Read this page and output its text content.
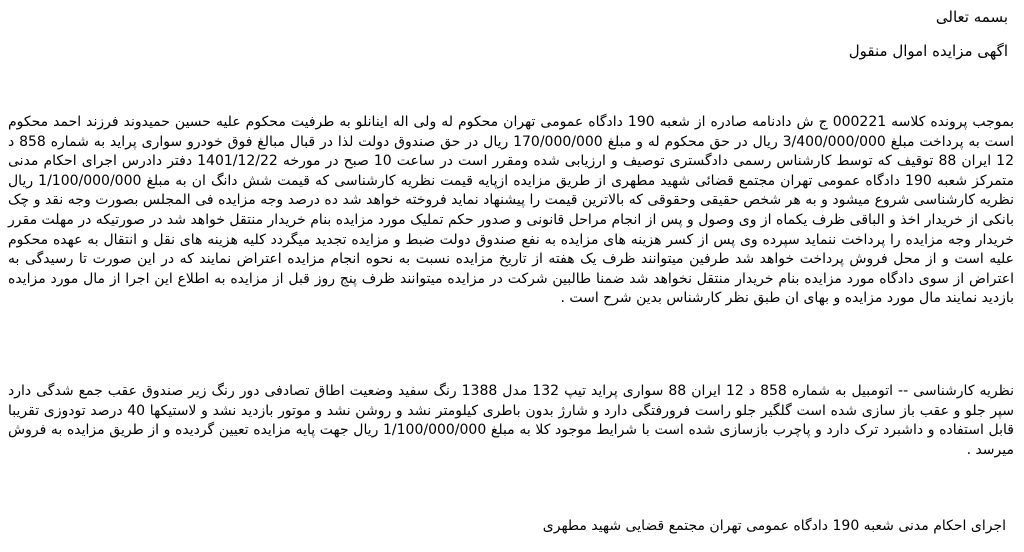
بسمه تعالی
اگهی مزایده اموال منقول

بموجب پرونده کلاسه 000221 ج ش دادنامه صادره از شعبه 190 دادگاه عمومی تهران محکوم له ولی اله اینانلو به طرفیت محکوم علیه حسین حمیدوند فرزند احمد محکوم است به پرداخت مبلغ 3/400/000/000 ریال در حق محکوم له و مبلغ 170/000/000 ریال در حق صندوق دولت لذا در قبال مبالغ فوق خودرو سواری پراید به شماره 858 د 12 ایران 88 توقیف که توسط کارشناس رسمی دادگستری توصیف و ارزیابی شده ومقرر است در ساعت 10 صبح در مورخه 1401/12/22 دفتر دادرس اجرای احکام مدنی متمرکز شعبه 190 دادگاه عمومی تهران مجتمع قضائی شهید مطهری از طریق مزایده ازپایه قیمت نظریه کارشناسی که قیمت شش دانگ ان به مبلغ 1/100/000/000 ریال نظریه کارشناسی شروع میشود و به هر شخص حقیقی وحقوقی که بالاترین قیمت را پیشنهاد نماید فروخته خواهد شد ده درصد وجه مزایده فی المجلس بصورت وجه نقد و چک بانکی از خریدار اخذ و الباقی ظرف یکماه از وی وصول و پس از انجام مراحل قانونی و صدور حکم تملیک مورد مزایده بنام خریدار منتقل خواهد شد در صورتیکه در مهلت مقرر خریدار وجه مزایده را پرداخت ننماید سپرده وی پس از کسر هزینه های مزایده به نفع صندوق دولت ضبط و مزایده تجدید میگردد کلیه هزینه های نقل و انتقال به عهده محکوم علیه است و از محل فروش پرداخت خواهد شد طرفین میتوانند ظرف یک هفته از تاریخ مزایده نسبت به نحوه انجام مزایده اعتراض نمایند که در این صورت تا رسیدگی به اعتراض از سوی دادگاه مورد مزایده بنام خریدار منتقل نخواهد شد ضمنا طالبین شرکت در مزایده میتوانند ظرف پنج روز قبل از مزایده به اطلاع این اجرا از مال مورد مزایده بازدید نمایند مال مورد مزایده و بهای ان طبق نظر کارشناس بدین شرح است .

نظریه کارشناسی -- اتومبیل به شماره 858 د 12 ایران 88 سواری پراید تیپ 132 مدل 1388 رنگ سفید وضعیت اطاق تصادفی دور رنگ زیر صندوق عقب جمع شدگی دارد سپر جلو و عقب باز سازی شده است گلگیر جلو راست فرورفتگی دارد و شارژ بدون باطری کیلومتر نشد و روشن نشد و موتور بازدید نشد و لاستیکها 40 درصد تودوزی تقریبا قابل استفاده و داشبرد ترک دارد و پاچرب بازسازی شده است با شرایط موجود کلا به مبلغ 1/100/000/000 ریال جهت پایه مزایده تعیین گردیده و از طریق مزایده به فروش میرسد .

اجرای احکام مدنی شعبه 190 دادگاه عمومی تهران مجتمع قضایی شهید مطهری
